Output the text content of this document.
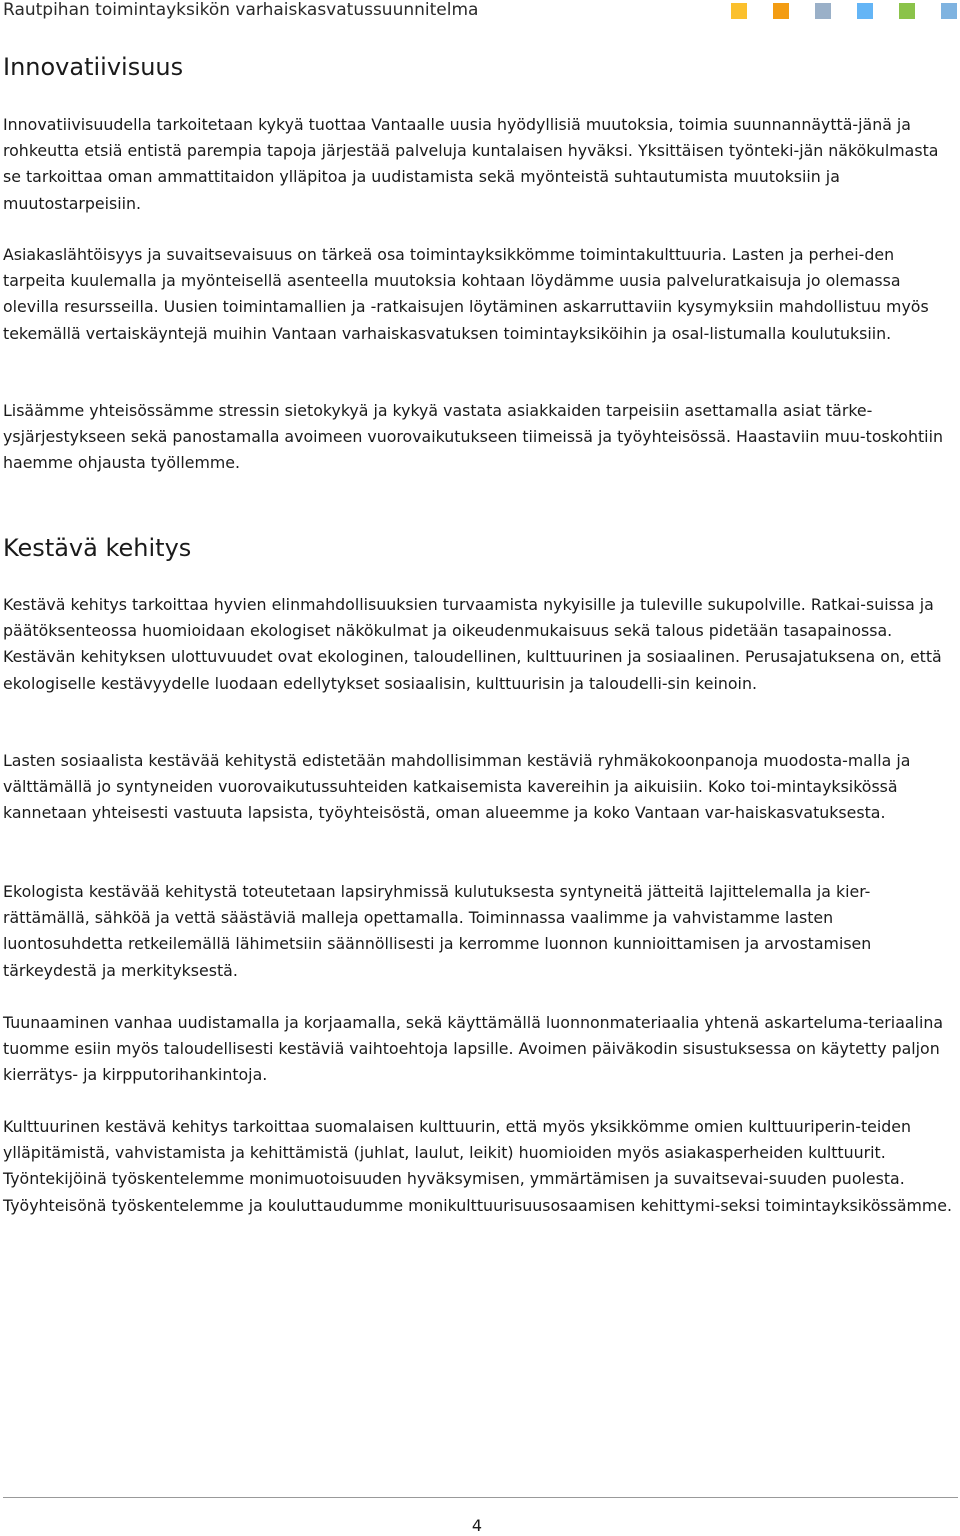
Rautpihan toimintayksikön varhaiskasvatussuunnitelma
Innovatiivisuus

Innovatiivisuudella tarkoitetaan kykyä tuottaa Vantaalle uusia hyödyllisiä muutoksia, toimia suunnannäyttä-jänä ja rohkeutta etsiä entistä parempia tapoja järjestää palveluja kuntalaisen hyväksi. Yksittäisen työnteki-jän näkökulmasta se tarkoittaa oman ammattitaidon ylläpitoa ja uudistamista sekä myönteistä suhtautumista muutoksiin ja muutostarpeisiin.

Asiakaslähtöisyys ja suvaitsevaisuus on tärkeä osa toimintayksikkömme toimintakulttuuria. Lasten ja perhei-den tarpeita kuulemalla ja myönteisellä asenteella muutoksia kohtaan löydämme uusia palveluratkaisuja jo olemassa olevilla resursseilla. Uusien toimintamallien ja -ratkaisujen löytäminen askarruttaviin kysymyksiin mahdollistuu myös tekemällä vertaiskäyntejä muihin Vantaan varhaiskasvatuksen toimintayksiköihin ja osal-listumalla koulutuksiin.

Lisäämme yhteisössämme stressin sietokykyä ja kykyä vastata asiakkaiden tarpeisiin asettamalla asiat tärke-ysjärjestykseen sekä panostamalla avoimeen vuorovaikutukseen tiimeissä ja työyhteisössä. Haastaviin muu-toskohtiin haemme ohjausta työllemme.

Kestävä kehitys

Kestävä kehitys tarkoittaa hyvien elinmahdollisuuksien turvaamista nykyisille ja tuleville sukupolville. Ratkai-suissa ja päätöksenteossa huomioidaan ekologiset näkökulmat ja oikeudenmukaisuus sekä talous pidetään tasapainossa. Kestävän kehityksen ulottuvuudet ovat ekologinen, taloudellinen, kulttuurinen ja sosiaalinen. Perusajatuksena on, että ekologiselle kestävyydelle luodaan edellytykset sosiaalisin, kulttuurisin ja taloudelli-sin keinoin.

Lasten sosiaalista kestävää kehitystä edistetään mahdollisimman kestäviä ryhmäkokoonpanoja muodosta-malla ja välttämällä jo syntyneiden vuorovaikutussuhteiden katkaisemista kavereihin ja aikuisiin. Koko toi-mintayksikössä kannetaan yhteisesti vastuuta lapsista, työyhteisöstä, oman alueemme ja koko Vantaan var-haiskasvatuksesta.

Ekologista kestävää kehitystä toteutetaan lapsiryhmissä kulutuksesta syntyneitä jätteitä lajittelemalla ja kier-rättämällä, sähköä ja vettä säästäviä malleja opettamalla. Toiminnassa vaalimme ja vahvistamme lasten luontosuhdetta retkeilemällä lähimetsiin säännöllisesti ja kerromme luonnon kunnioittamisen ja arvostamisen tärkeydestä ja merkityksestä.

Tuunaaminen vanhaa uudistamalla ja korjaamalla, sekä käyttämällä luonnonmateriaalia yhtenä askarteluma-teriaalina tuomme esiin myös taloudellisesti kestäviä vaihtoehtoja lapsille. Avoimen päiväkodin sisustuksessa on käytetty paljon kierrätys- ja kirpputorihankintoja.

Kulttuurinen kestävä kehitys tarkoittaa suomalaisen kulttuurin, että myös yksikkömme omien kulttuuriperin-teiden ylläpitämistä, vahvistamista ja kehittämistä (juhlat, laulut, leikit) huomioiden myös asiakasperheiden kulttuurit. Työntekijöinä työskentelemme monimuotoisuuden hyväksymisen, ymmärtämisen ja suvaitsevai-suuden puolesta. Työyhteisönä työskentelemme ja kouluttaudumme monikulttuurisuusosaamisen kehittymi-seksi toimintayksikössämme.

4
